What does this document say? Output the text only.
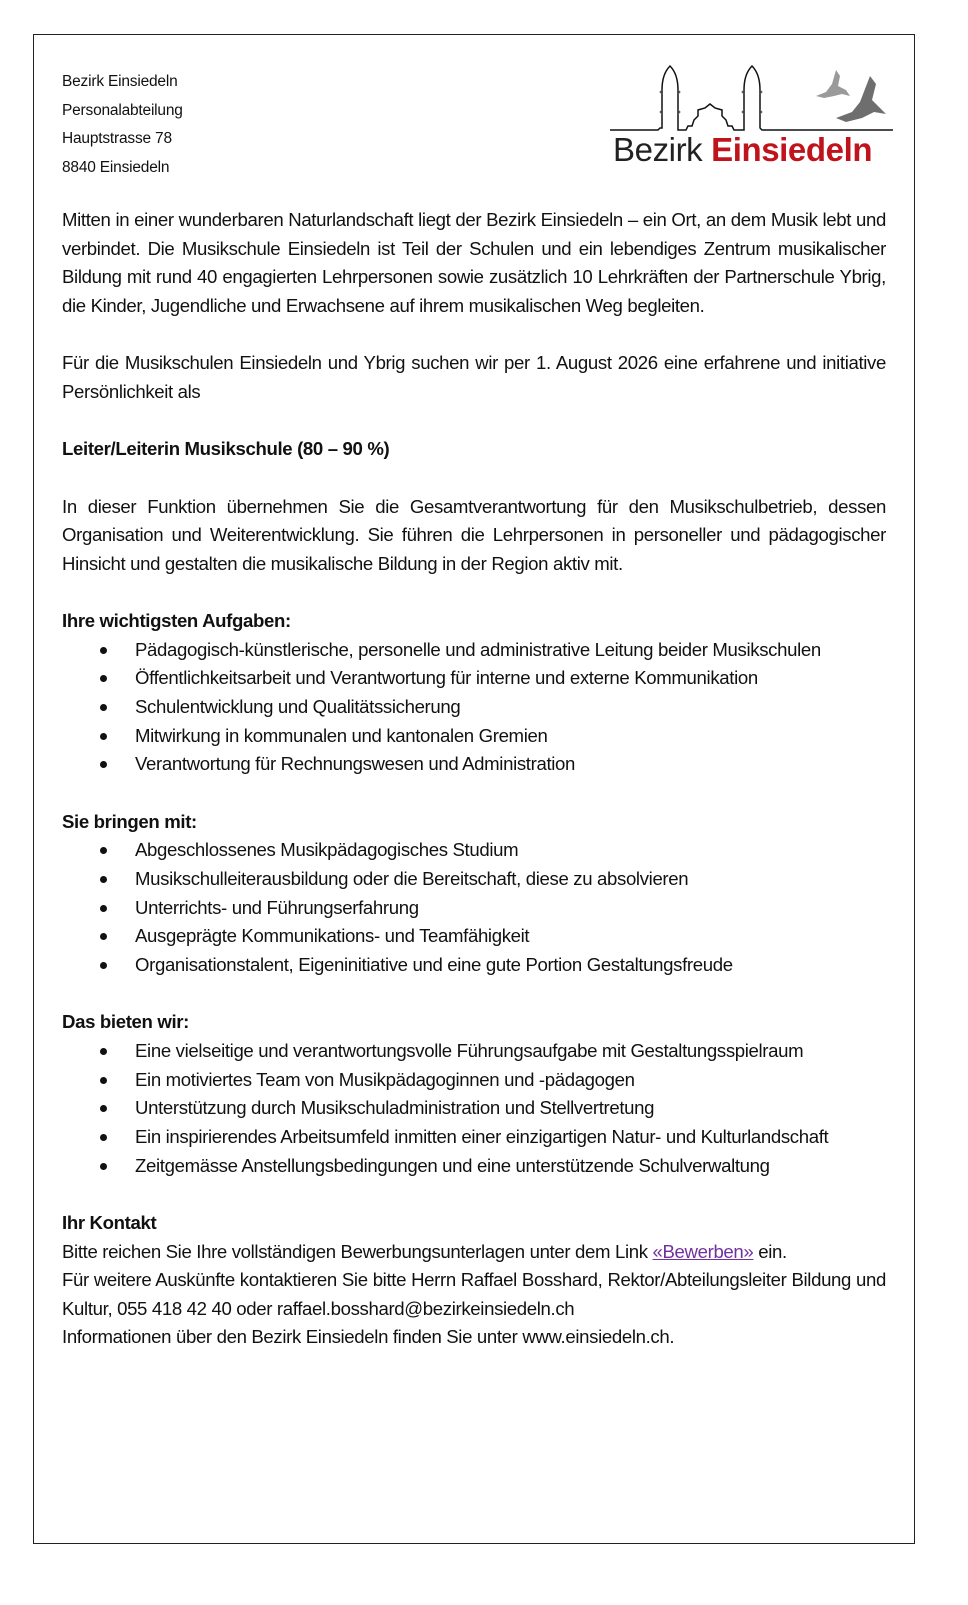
Bezirk Einsiedeln
Personalabteilung
Hauptstrasse 78
8840 Einsiedeln	Bezirk Einsiedeln

Mitten in einer wunderbaren Naturlandschaft liegt der Bezirk Einsiedeln – ein Ort, an dem Musik lebt und verbindet. Die Musikschule Einsiedeln ist Teil der Schulen und ein lebendiges Zentrum musikalischer Bildung mit rund 40 engagierten Lehrpersonen sowie zusätzlich 10 Lehrkräften der Partnerschule Ybrig, die Kinder, Jugendliche und Erwachsene auf ihrem musikalischen Weg begleiten.

Für die Musikschulen Einsiedeln und Ybrig suchen wir per 1. August 2026 eine erfahrene und initiative Persönlichkeit als

Leiter/Leiterin Musikschule (80 – 90 %)

In dieser Funktion übernehmen Sie die Gesamtverantwortung für den Musikschulbetrieb, dessen Organisation und Weiterentwicklung. Sie führen die Lehrpersonen in personeller und pädagogischer Hinsicht und gestalten die musikalische Bildung in der Region aktiv mit.

Ihre wichtigsten Aufgaben:
Pädagogisch-künstlerische, personelle und administrative Leitung beider Musikschulen
Öffentlichkeitsarbeit und Verantwortung für interne und externe Kommunikation
Schulentwicklung und Qualitätssicherung
Mitwirkung in kommunalen und kantonalen Gremien
Verantwortung für Rechnungswesen und Administration
Sie bringen mit:
Abgeschlossenes Musikpädagogisches Studium
Musikschulleiterausbildung oder die Bereitschaft, diese zu absolvieren
Unterrichts- und Führungserfahrung
Ausgeprägte Kommunikations- und Teamfähigkeit
Organisationstalent, Eigeninitiative und eine gute Portion Gestaltungsfreude
Das bieten wir:
Eine vielseitige und verantwortungsvolle Führungsaufgabe mit Gestaltungsspielraum
Ein motiviertes Team von Musikpädagoginnen und -pädagogen
Unterstützung durch Musikschuladministration und Stellvertretung
Ein inspirierendes Arbeitsumfeld inmitten einer einzigartigen Natur- und Kulturlandschaft
Zeitgemässe Anstellungsbedingungen und eine unterstützende Schulverwaltung
Ihr Kontakt

Bitte reichen Sie Ihre vollständigen Bewerbungsunterlagen unter dem Link «Bewerben» ein.

Für weitere Auskünfte kontaktieren Sie bitte Herrn Raffael Bosshard, Rektor/Abteilungsleiter Bildung und Kultur, 055 418 42 40 oder raffael.bosshard@bezirkeinsiedeln.ch

Informationen über den Bezirk Einsiedeln finden Sie unter www.einsiedeln.ch.
